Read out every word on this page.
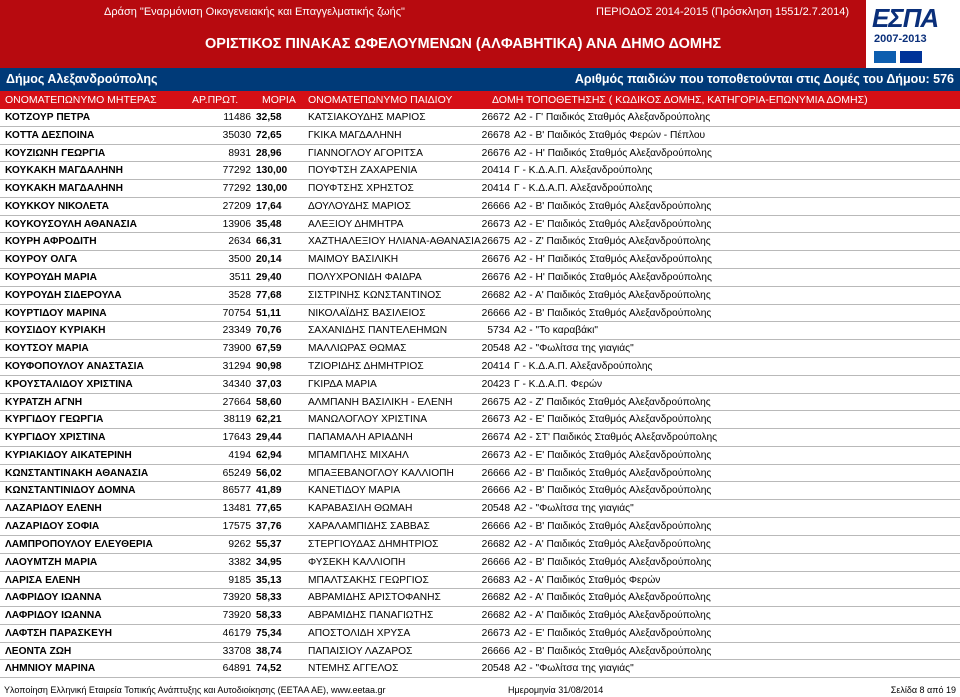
Δράση "Εναρμόνιση Οικογενειακής και Επαγγελματικής ζωής"	ΠΕΡΙΟΔΟΣ 2014-2015 (Πρόσκληση 1551/2.7.2014)
ΟΡΙΣΤΙΚΟΣ ΠΙΝΑΚΑΣ ΩΦΕΛΟΥΜΕΝΩΝ (ΑΛΦΑΒΗΤΙΚΑ) ΑΝΑ ΔΗΜΟ ΔΟΜΗΣ
ΕΣΠΑ
2007-2013
Δήμος Αλεξανδρούπολης	Αριθμός παιδιών που τοποθετούνται στις Δομές του Δήμου: 576
ΟΝΟΜΑΤΕΠΩΝΥΜΟ ΜΗΤΕΡΑΣ	ΑΡ.ΠΡΩΤ. ΜΟΡΙΑ ΟΝΟΜΑΤΕΠΩΝΥΜΟ ΠΑΙΔΙΟΥ	ΔΟΜΗ ΤΟΠΟΘΕΤΗΣΗΣ ( ΚΩΔΙΚΟΣ ΔΟΜΗΣ, ΚΑΤΗΓΟΡΙΑ-ΕΠΩΝΥΜΙΑ ΔΟΜΗΣ)
ΚΟΤΖΟΥΡ ΠΕΤΡΑ	11486 32,58	ΚΑΤΣΙΑΚΟΥΔΗΣ ΜΑΡΙΟΣ	26672 Α2 - Γ' Παιδικός Σταθμός Αλεξανδρούπολης
ΚΟΤΤΑ ΔΕΣΠΟΙΝΑ	35030 72,65	ΓΚΙΚΑ ΜΑΓΔΑΛΗΝΗ	26678 Α2 - Β' Παιδικός Σταθμός Φερών - Πέπλου
ΚΟΥΖΙΩΝΗ ΓΕΩΡΓΙΑ	8931 28,96	ΓΙΑΝΝΟΓΛΟΥ ΑΓΟΡΙΤΣΑ	26676 Α2 - Η' Παιδικός Σταθμός Αλεξανδρούπολης
ΚΟΥΚΑΚΗ ΜΑΓΔΑΛΗΝΗ	77292 130,00 ΠΟΥΦΤΣΗ ΖΑΧΑΡΕΝΙΑ	20414 Γ - Κ.Δ.Α.Π. Αλεξανδρούπολης
ΚΟΥΚΑΚΗ ΜΑΓΔΑΛΗΝΗ	77292 130,00 ΠΟΥΦΤΣΗΣ ΧΡΗΣΤΟΣ	20414 Γ - Κ.Δ.Α.Π. Αλεξανδρούπολης
ΚΟΥΚΚΟΥ ΝΙΚΟΛΕΤΑ	27209 17,64	ΔΟΥΛΟΥΔΗΣ ΜΑΡΙΟΣ	26666 Α2 - Β' Παιδικός Σταθμός Αλεξανδρούπολης
ΚΟΥΚΟΥΣΟΥΛΗ ΑΘΑΝΑΣΙΑ	13906 35,48	ΑΛΕΞΙΟΥ ΔΗΜΗΤΡΑ	26673 Α2 - Ε' Παιδικός Σταθμός Αλεξανδρούπολης
ΚΟΥΡΗ ΑΦΡΟΔΙΤΗ	2634 66,31	ΧΑΖΤΗΑΛΕΞΙΟΥ ΗΛΙΑΝΑ-ΑΘΑΝΑΣΙΑ 26675 Α2 - Ζ' Παιδικός Σταθμός Αλεξανδρούπολης
ΚΟΥΡΟΥ ΟΛΓΑ	3500 20,14	ΜΑΙΜΟΥ ΒΑΣΙΛΙΚΗ	26676 Α2 - Η' Παιδικός Σταθμός Αλεξανδρούπολης
ΚΟΥΡΟΥΔΗ ΜΑΡΙΑ	3511 29,40	ΠΟΛΥΧΡΟΝΙΔΗ ΦΑΙΔΡΑ	26676 Α2 - Η' Παιδικός Σταθμός Αλεξανδρούπολης
ΚΟΥΡΟΥΔΗ ΣΙΔΕΡΟΥΛΑ	3528 77,68	ΣΙΣΤΡΙΝΗΣ ΚΩΝΣΤΑΝΤΙΝΟΣ	26682 Α2 - Α' Παιδικός Σταθμός Αλεξανδρούπολης
ΚΟΥΡΤΙΔΟΥ ΜΑΡΙΝΑ	70754 51,11	ΝΙΚΟΛΑΪΔΗΣ ΒΑΣΙΛΕΙΟΣ	26666 Α2 - Β' Παιδικός Σταθμός Αλεξανδρούπολης
ΚΟΥΣΙΔΟΥ ΚΥΡΙΑΚΗ	23349 70,76	ΣΑΧΑΝΙΔΗΣ ΠΑΝΤΕΛΕΗΜΩΝ	5734 Α2 - "Το καραβάκι"
ΚΟΥΤΣΟΥ ΜΑΡΙΑ	73900 67,59	ΜΑΛΛΙΩΡΑΣ ΘΩΜΑΣ	20548 Α2 - "Φωλίτσα της γιαγιάς"
ΚΟΥΦΟΠΟΥΛΟΥ ΑΝΑΣΤΑΣΙΑ	31294 90,98	ΤΖΙΟΡΙΔΗΣ ΔΗΜΗΤΡΙΟΣ	20414 Γ - Κ.Δ.Α.Π. Αλεξανδρούπολης
ΚΡΟΥΣΤΑΛΙΔΟΥ ΧΡΙΣΤΙΝΑ	34340 37,03	ΓΚΙΡΔΑ ΜΑΡΙΑ	20423 Γ - Κ.Δ.Α.Π. Φερών
ΚΥΡΑΤΖΗ ΑΓΝΗ	27664 58,60	ΑΛΜΠΑΝΗ ΒΑΣΙΛΙΚΗ - ΕΛΕΝΗ	26675 Α2 - Ζ' Παιδικός Σταθμός Αλεξανδρούπολης
ΚΥΡΓΙΔΟΥ ΓΕΩΡΓΙΑ	38119 62,21	ΜΑΝΩΛΟΓΛΟΥ ΧΡΙΣΤΙΝΑ	26673 Α2 - Ε' Παιδικός Σταθμός Αλεξανδρούπολης
ΚΥΡΓΙΔΟΥ ΧΡΙΣΤΙΝΑ	17643 29,44	ΠΑΠΑΜΑΛΗ ΑΡΙΑΔΝΗ	26674 Α2 - ΣΤ' Παιδικός Σταθμός Αλεξανδρούπολης
ΚΥΡΙΑΚΙΔΟΥ ΑΙΚΑΤΕΡΙΝΗ	4194 62,94	ΜΠΑΜΠΛΗΣ ΜΙΧΑΗΛ	26673 Α2 - Ε' Παιδικός Σταθμός Αλεξανδρούπολης
ΚΩΝΣΤΑΝΤΙΝΑΚΗ ΑΘΑΝΑΣΙΑ	65249 56,02	ΜΠΑΞΕΒΑΝΟΓΛΟΥ ΚΑΛΛΙΟΠΗ	26666 Α2 - Β' Παιδικός Σταθμός Αλεξανδρούπολης
ΚΩΝΣΤΑΝΤΙΝΙΔΟΥ ΔΟΜΝΑ	86577 41,89	ΚΑΝΕΤΙΔΟΥ ΜΑΡΙΑ	26666 Α2 - Β' Παιδικός Σταθμός Αλεξανδρούπολης
ΛΑΖΑΡΙΔΟΥ ΕΛΕΝΗ	13481 77,65	ΚΑΡΑΒΑΣΙΛΗ ΘΩΜΑΗ	20548 Α2 - "Φωλίτσα της γιαγιάς"
ΛΑΖΑΡΙΔΟΥ ΣΟΦΙΑ	17575 37,76	ΧΑΡΑΛΑΜΠΙΔΗΣ ΣΑΒΒΑΣ	26666 Α2 - Β' Παιδικός Σταθμός Αλεξανδρούπολης
ΛΑΜΠΡΟΠΟΥΛΟΥ ΕΛΕΥΘΕΡΙΑ	9262 55,37	ΣΤΕΡΓΙΟΥΔΑΣ ΔΗΜΗΤΡΙΟΣ	26682 Α2 - Α' Παιδικός Σταθμός Αλεξανδρούπολης
ΛΑΟΥΜΤΖΗ ΜΑΡΙΑ	3382 34,95	ΦΥΣΕΚΗ ΚΑΛΛΙΟΠΗ	26666 Α2 - Β' Παιδικός Σταθμός Αλεξανδρούπολης
ΛΑΡΙΣΑ ΕΛΕΝΗ	9185 35,13	ΜΠΑΛΤΣΑΚΗΣ ΓΕΩΡΓΙΟΣ	26683 Α2 - Α' Παιδικός Σταθμός Φερών
ΛΑΦΡΙΔΟΥ ΙΩΑΝΝΑ	73920 58,33	ΑΒΡΑΜΙΔΗΣ ΑΡΙΣΤΟΦΑΝΗΣ	26682 Α2 - Α' Παιδικός Σταθμός Αλεξανδρούπολης
ΛΑΦΡΙΔΟΥ ΙΩΑΝΝΑ	73920 58,33	ΑΒΡΑΜΙΔΗΣ ΠΑΝΑΓΙΩΤΗΣ	26682 Α2 - Α' Παιδικός Σταθμός Αλεξανδρούπολης
ΛΑΦΤΣΗ ΠΑΡΑΣΚΕΥΗ	46179 75,34	ΑΠΟΣΤΟΛΙΔΗ ΧΡΥΣΑ	26673 Α2 - Ε' Παιδικός Σταθμός Αλεξανδρούπολης
ΛΕΟΝΤΑ ΖΩΗ	33708 38,74	ΠΑΠΑΙΣΙΟΥ ΛΑΖΑΡΟΣ	26666 Α2 - Β' Παιδικός Σταθμός Αλεξανδρούπολης
ΛΗΜΝΙΟΥ ΜΑΡΙΝΑ	64891 74,52	ΝΤΕΜΗΣ ΑΓΓΕΛΟΣ	20548 Α2 - "Φωλίτσα της γιαγιάς"
Υλοποίηση Ελληνική Εταιρεία Τοπικής Ανάπτυξης και Αυτοδιοίκησης (ΕΕΤΑΑ ΑΕ), www.eetaa.gr	Ημερομηνία 31/08/2014	Σελίδα 8 από 19
